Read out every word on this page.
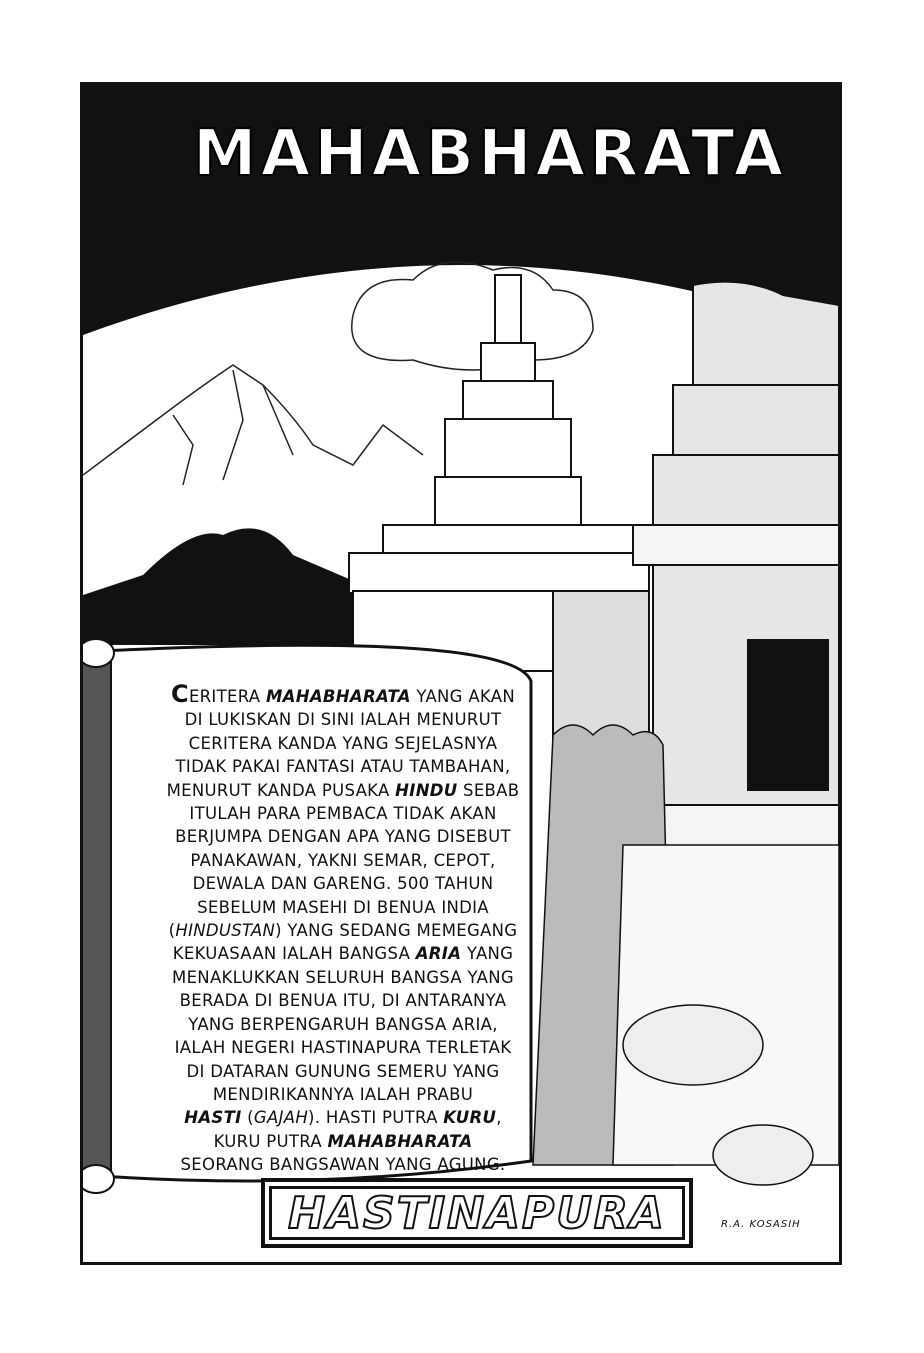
MAHABHARATA
CERITERA MAHABHARATA YANG AKAN
DI LUKISKAN DI SINI IALAH MENURUT
CERITERA KANDA YANG SEJELASNYA
TIDAK PAKAI FANTASI ATAU TAMBAHAN,
MENURUT KANDA PUSAKA HINDU SEBAB
ITULAH PARA PEMBACA TIDAK AKAN
BERJUMPA DENGAN APA YANG DISEBUT
PANAKAWAN, YAKNI SEMAR, CEPOT,
DEWALA DAN GARENG. 500 TAHUN
SEBELUM MASEHI DI BENUA INDIA
(HINDUSTAN) YANG SEDANG MEMEGANG
KEKUASAAN IALAH BANGSA ARIA YANG
MENAKLUKKAN SELURUH BANGSA YANG
BERADA DI BENUA ITU, DI ANTARANYA
YANG BERPENGARUH BANGSA ARIA,
IALAH NEGERI HASTINAPURA TERLETAK
DI DATARAN GUNUNG SEMERU YANG
MENDIRIKANNYA IALAH PRABU
HASTI (GAJAH). HASTI PUTRA KURU,
KURU PUTRA MAHABHARATA
SEORANG BANGSAWAN YANG AGUNG.
HASTINAPURA	R.A. KOSASIH
